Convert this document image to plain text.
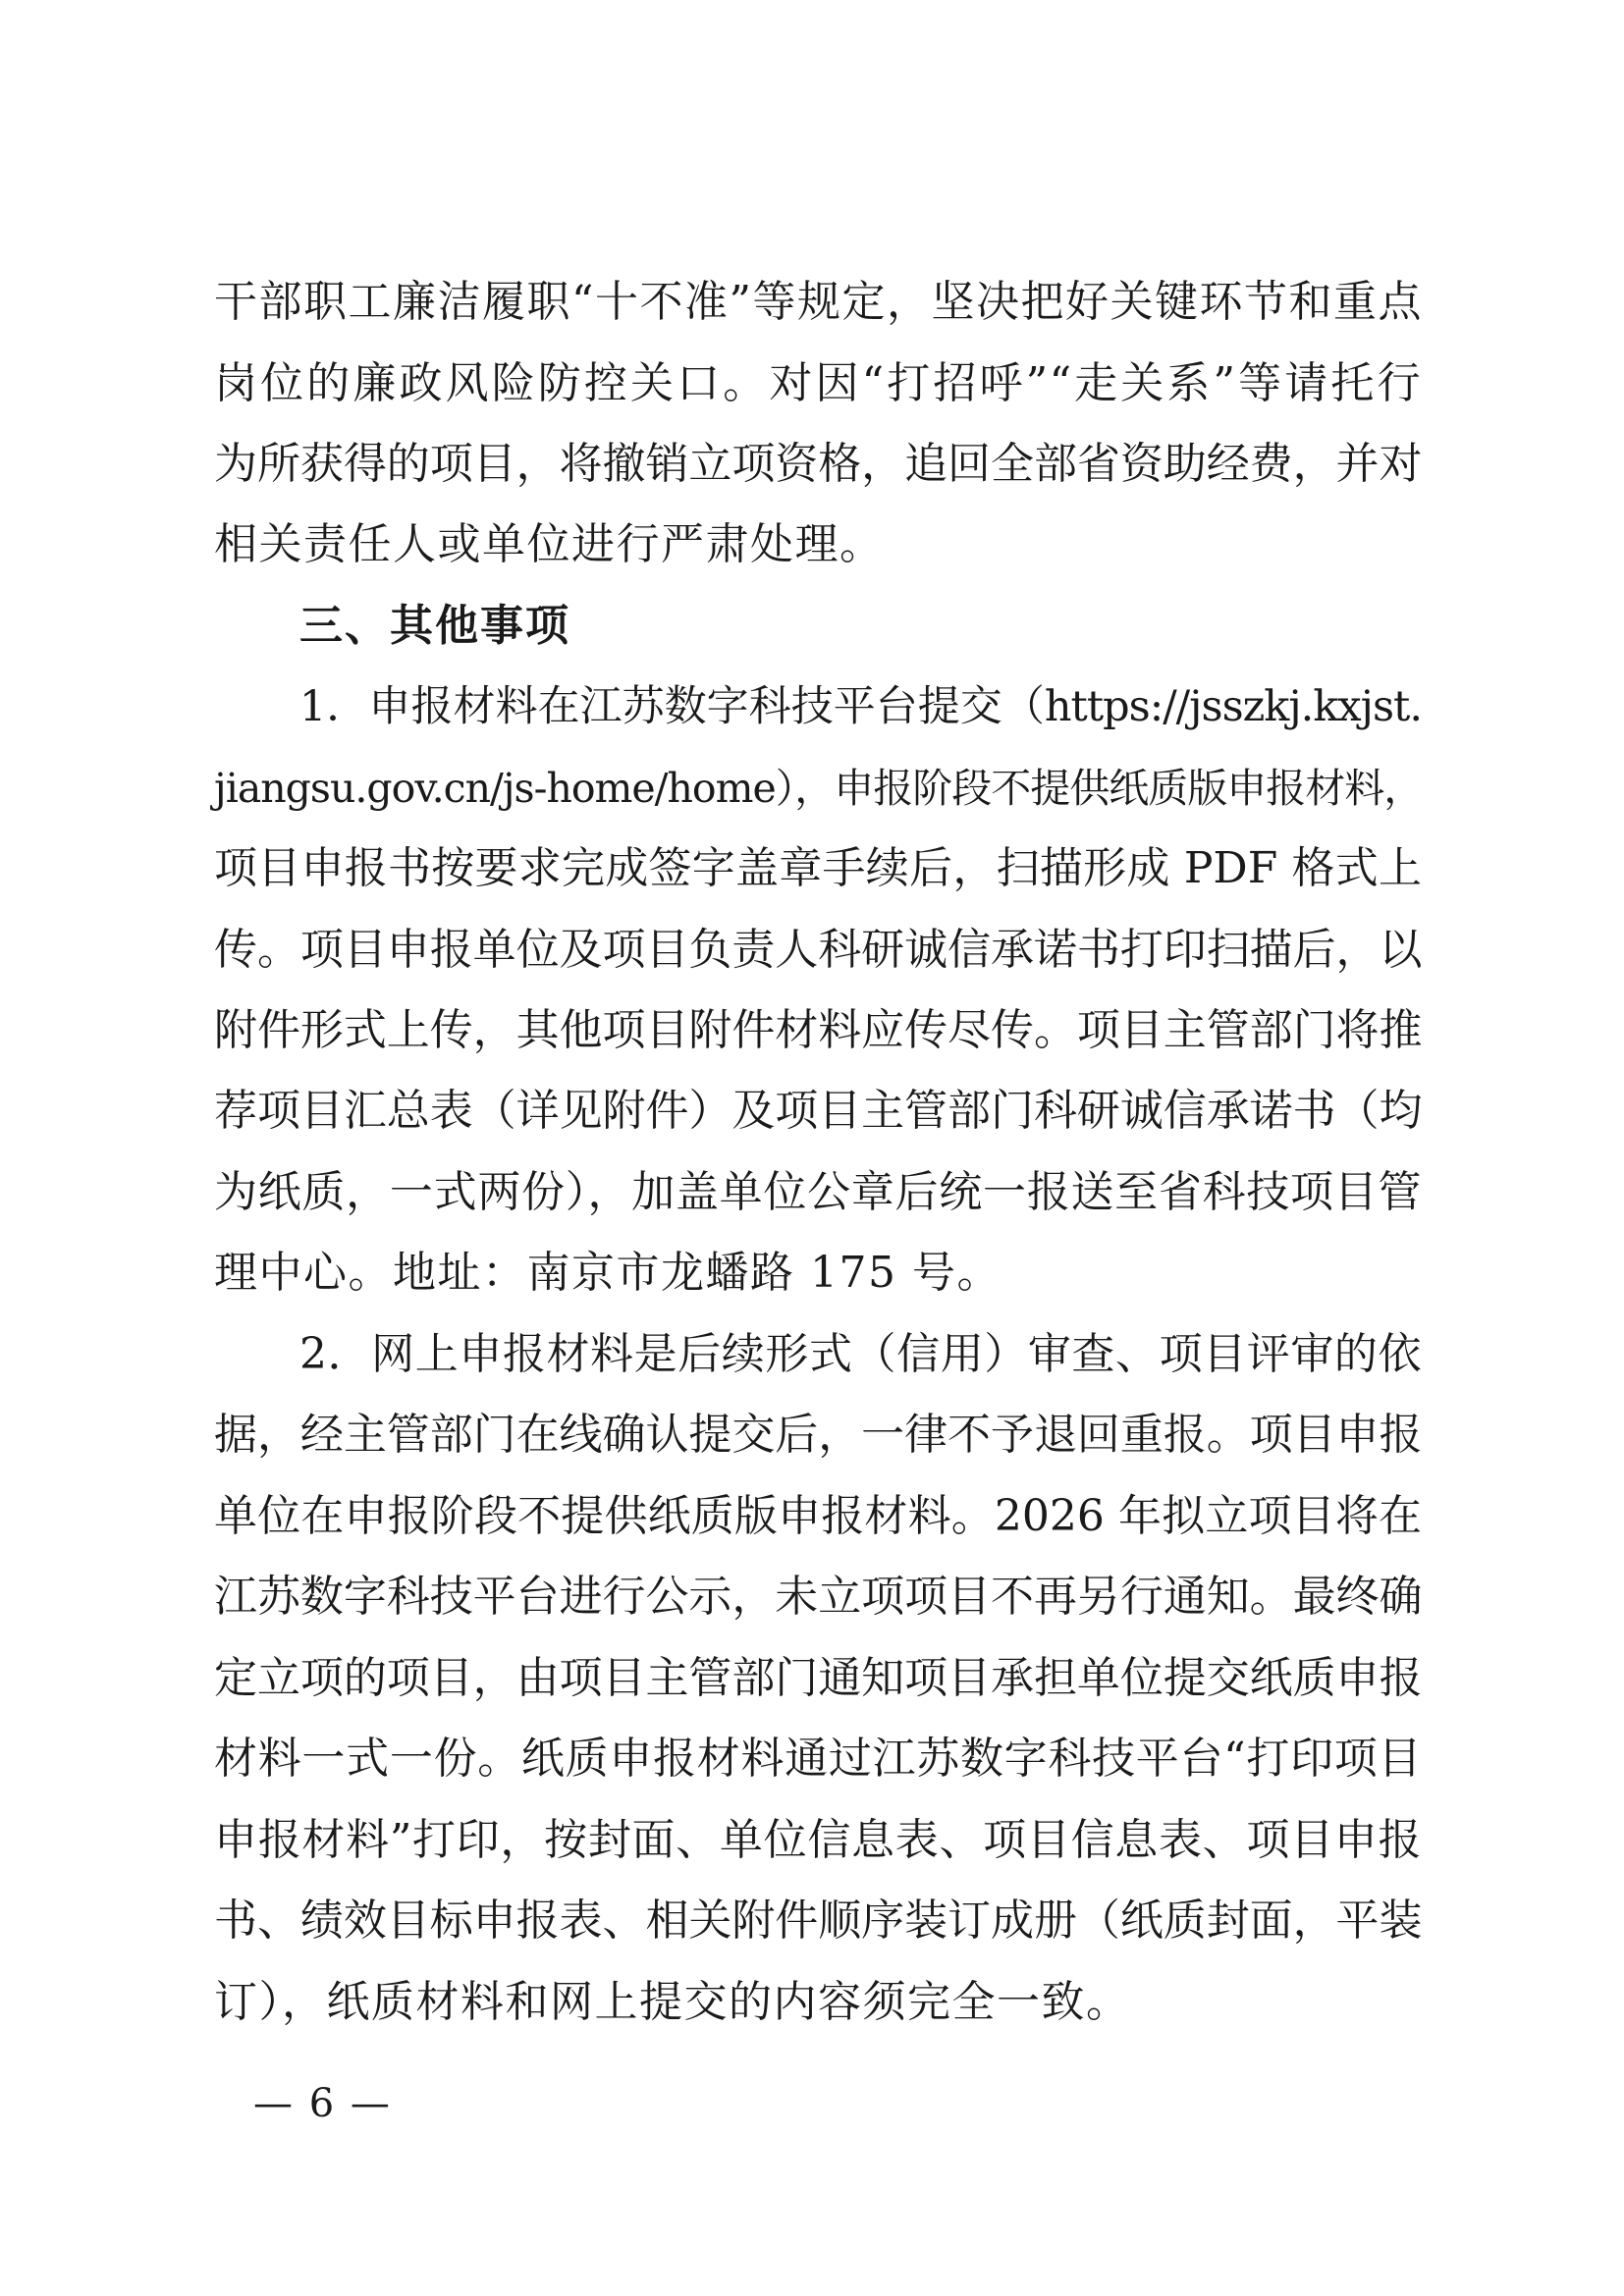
干部职工廉洁履职“十不准”等规定，坚决把好关键环节和重点
岗位的廉政风险防控关口。对因“打招呼”“走关系”等请托行
为所获得的项目，将撤销立项资格，追回全部省资助经费，并对
相关责任人或单位进行严肃处理。
三、其他事项
1．申报材料在江苏数字科技平台提交（https://jsszkj.kxjst.
jiangsu.gov.cn/js-home/home），申报阶段不提供纸质版申报材料，
项目申报书按要求完成签字盖章手续后，扫描形成 PDF 格式上
传。项目申报单位及项目负责人科研诚信承诺书打印扫描后，以
附件形式上传，其他项目附件材料应传尽传。项目主管部门将推
荐项目汇总表（详见附件）及项目主管部门科研诚信承诺书（均
为纸质，一式两份），加盖单位公章后统一报送至省科技项目管
理中心。地址：南京市龙蟠路 175 号。
2．网上申报材料是后续形式（信用）审查、项目评审的依
据，经主管部门在线确认提交后，一律不予退回重报。项目申报
单位在申报阶段不提供纸质版申报材料。2026 年拟立项目将在
江苏数字科技平台进行公示，未立项项目不再另行通知。最终确
定立项的项目，由项目主管部门通知项目承担单位提交纸质申报
材料一式一份。纸质申报材料通过江苏数字科技平台“打印项目
申报材料”打印，按封面、单位信息表、项目信息表、项目申报
书、绩效目标申报表、相关附件顺序装订成册（纸质封面，平装
订），纸质材料和网上提交的内容须完全一致。
— 6 —
